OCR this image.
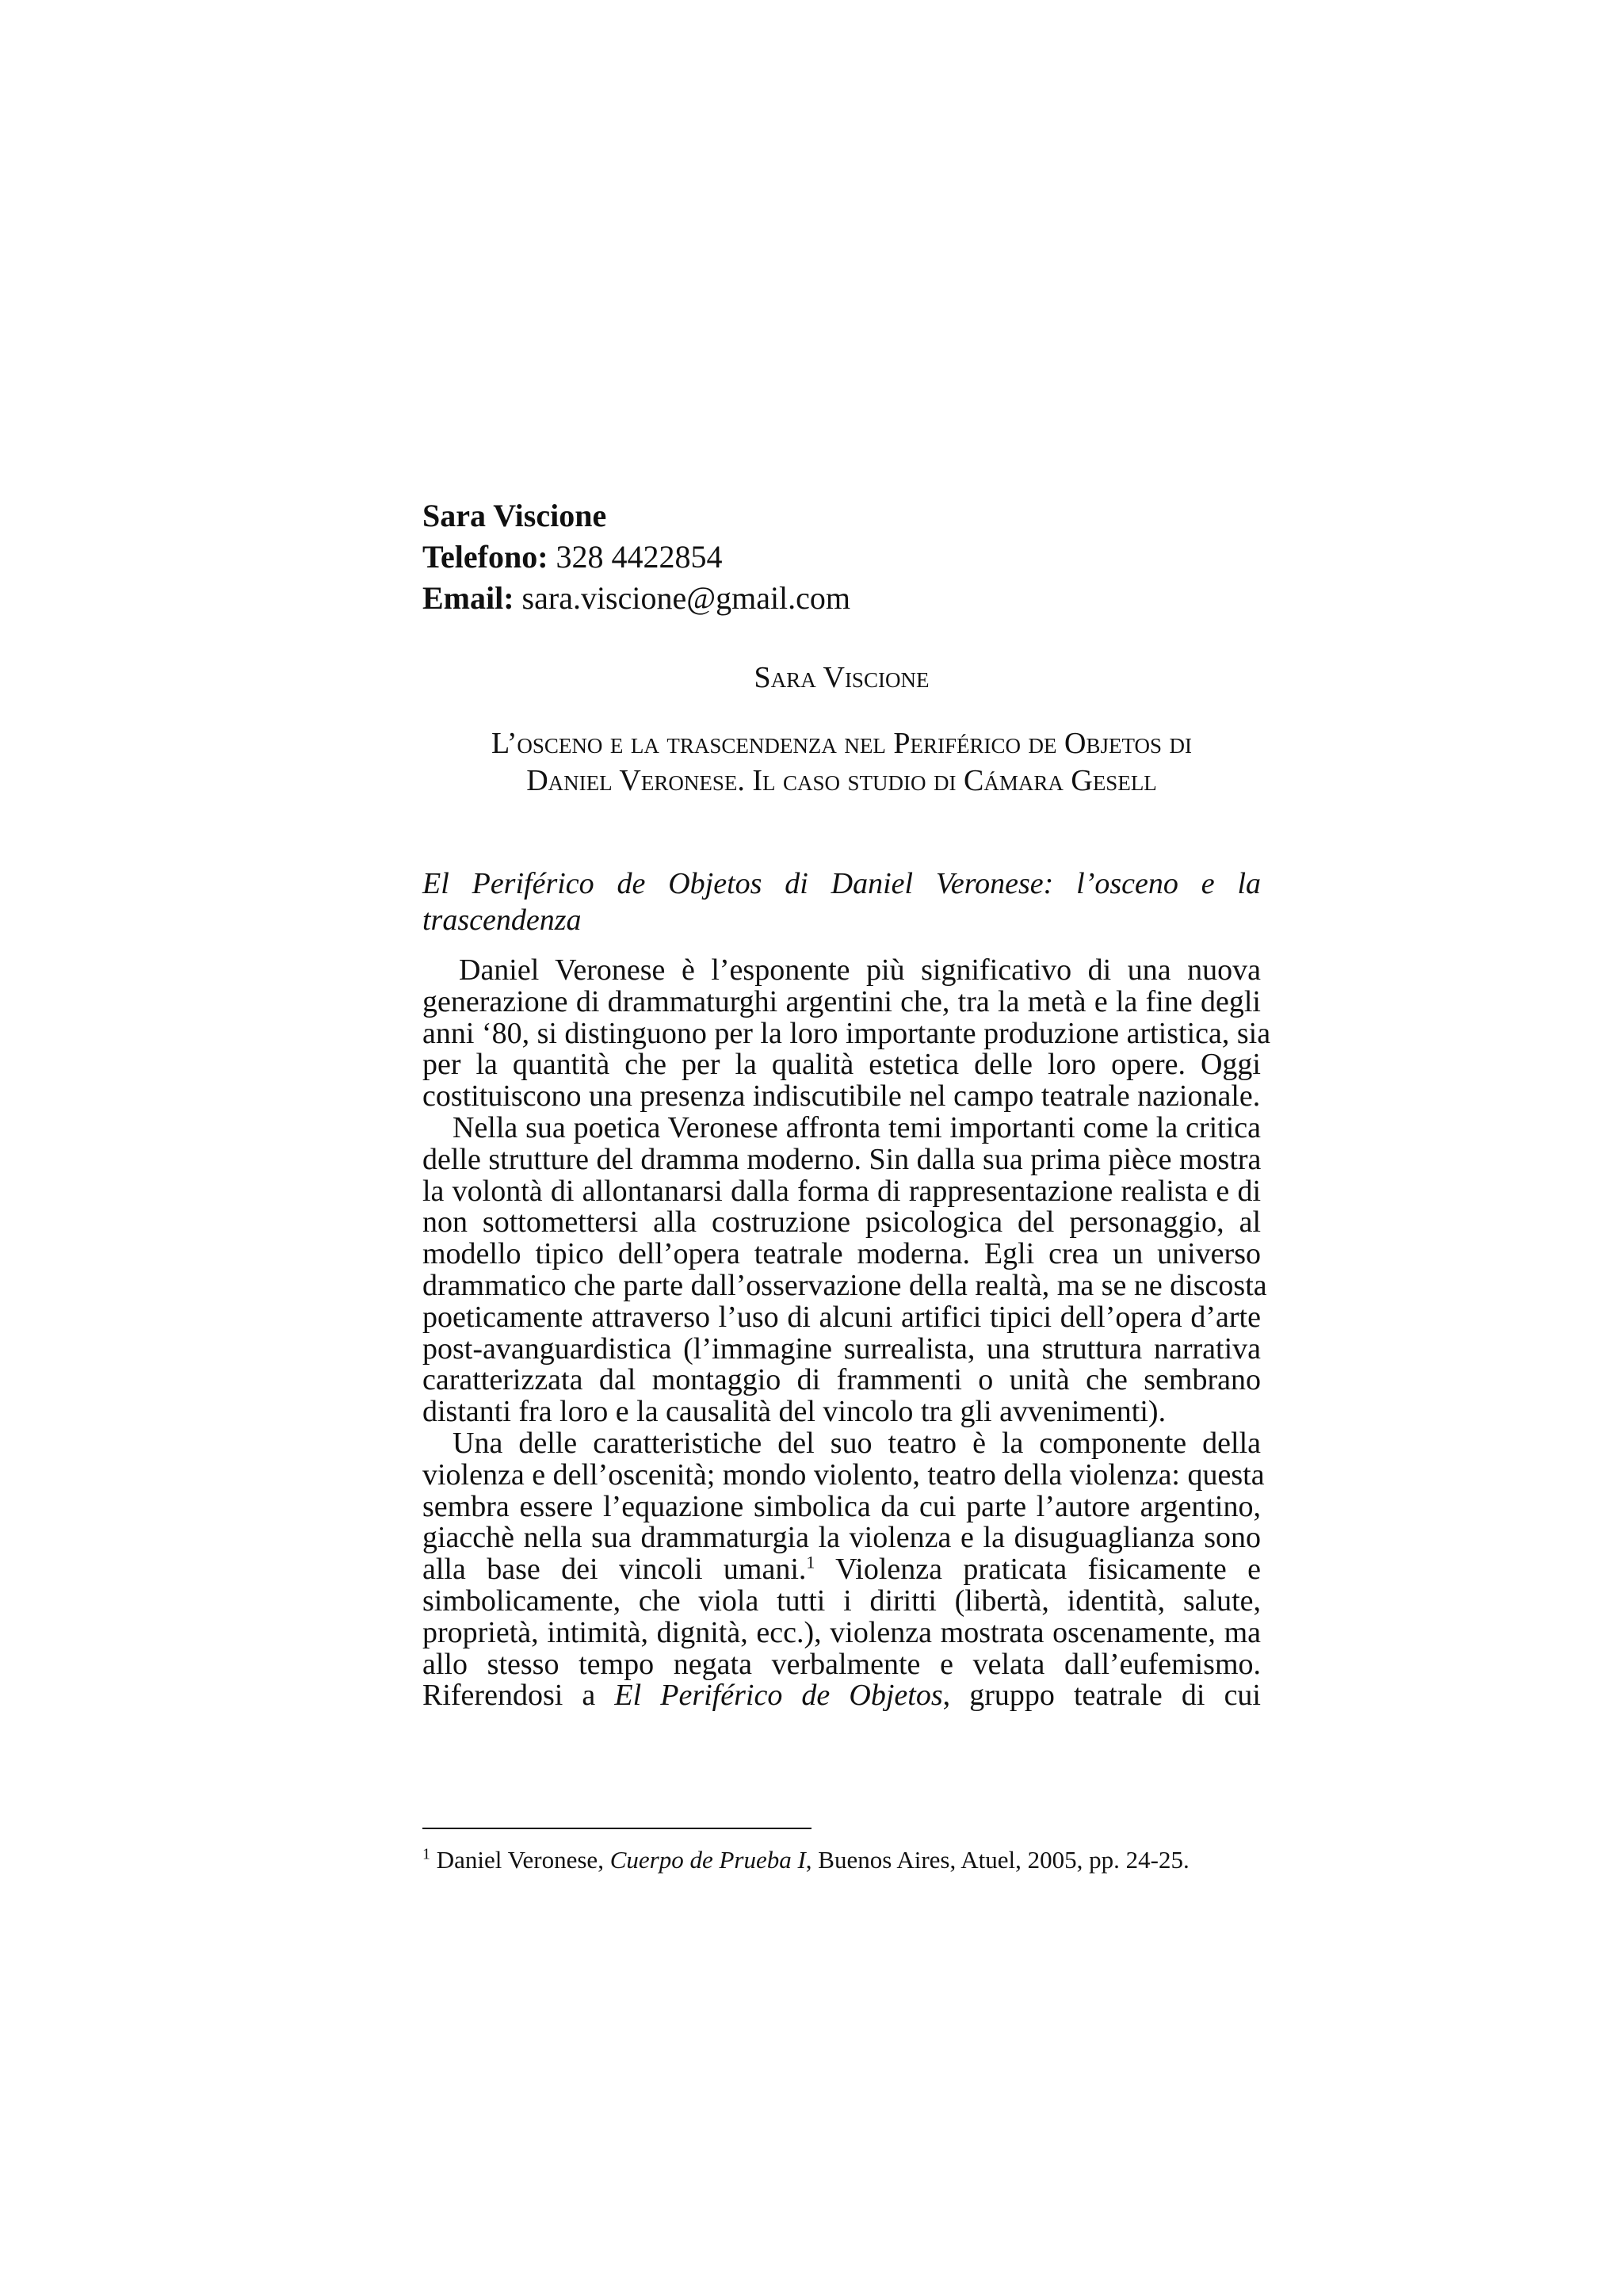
Sara Viscione
Telefono: 328 4422854
Email: sara.viscione@gmail.com
Sara Viscione
L’osceno e la trascendenza nel Periférico de Objetos di
Daniel Veronese. Il caso studio di Cámara Gesell
El Periférico de Objetos di Daniel Veronese: l’osceno e la
trascendenza

Daniel Veronese è l’esponente più significativo di una nuova
generazione di drammaturghi argentini che, tra la metà e la fine degli
anni ‘80, si distinguono per la loro importante produzione artistica, sia
per la quantità che per la qualità estetica delle loro opere. Oggi
costituiscono una presenza indiscutibile nel campo teatrale nazionale.

Nella sua poetica Veronese affronta temi importanti come la critica
delle strutture del dramma moderno. Sin dalla sua prima pièce mostra
la volontà di allontanarsi dalla forma di rappresentazione realista e di
non sottomettersi alla costruzione psicologica del personaggio, al
modello tipico dell’opera teatrale moderna. Egli crea un universo
drammatico che parte dall’osservazione della realtà, ma se ne discosta
poeticamente attraverso l’uso di alcuni artifici tipici dell’opera d’arte
post-avanguardistica (l’immagine surrealista, una struttura narrativa
caratterizzata dal montaggio di frammenti o unità che sembrano
distanti fra loro e la causalità del vincolo tra gli avvenimenti).

Una delle caratteristiche del suo teatro è la componente della
violenza e dell’oscenità; mondo violento, teatro della violenza: questa
sembra essere l’equazione simbolica da cui parte l’autore argentino,
giacchè nella sua drammaturgia la violenza e la disuguaglianza sono
alla base dei vincoli umani.$^1$ Violenza praticata fisicamente e
simbolicamente, che viola tutti i diritti (libertà, identità, salute,
proprietà, intimità, dignità, ecc.), violenza mostrata oscenamente, ma
allo stesso tempo negata verbalmente e velata dall’eufemismo.
Riferendosi a El Periférico de Objetos, gruppo teatrale di cui

$^1$ Daniel Veronese, Cuerpo de Prueba I, Buenos Aires, Atuel, 2005, pp. 24-25.
